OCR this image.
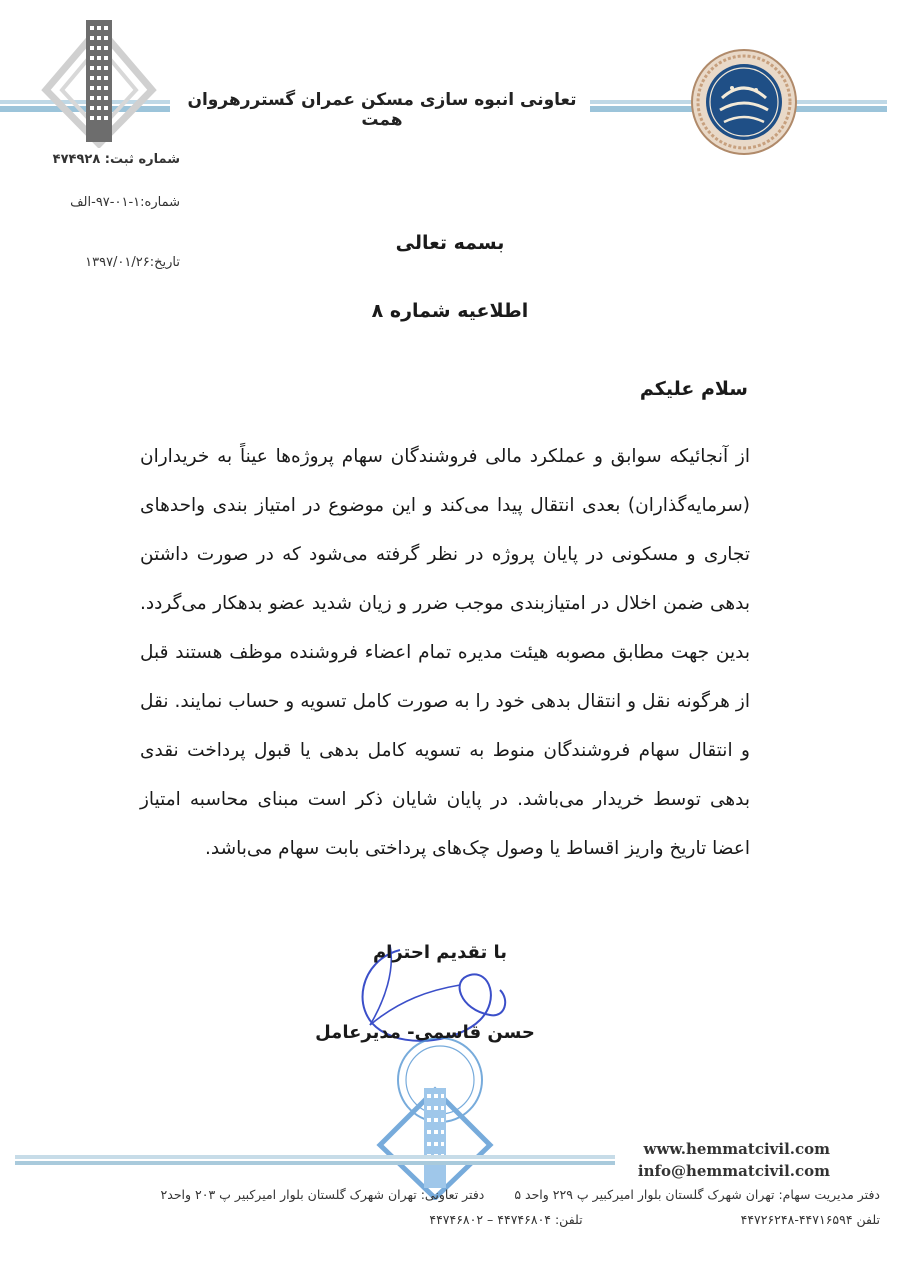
تعاونی انبوه سازی مسکن عمران گستررهروان همت
شماره ثبت: ۴۷۴۹۲۸
شماره:۱-۰۱-۹۷-الف
تاریخ:۱۳۹۷/۰۱/۲۶
بسمه تعالی
اطلاعیه شماره ۸
سلام علیکم
از آنجائیکه سوابق و عملکرد مالی فروشندگان سهام پروژه‌ها عیناً به خریداران (سرمایه‌گذاران) بعدی انتقال پیدا می‌کند و این موضوع در امتیاز بندی واحدهای تجاری و مسکونی در پایان پروژه در نظر گرفته می‌شود که در صورت داشتن بدهی ضمن اخلال در امتیازبندی موجب ضرر و زیان شدید عضو بدهکار می‌گردد. بدین جهت مطابق مصوبه هیئت مدیره تمام اعضاء فروشنده موظف هستند قبل از هرگونه نقل و انتقال بدهی خود را به صورت کامل تسویه و حساب نمایند. نقل و انتقال سهام فروشندگان منوط به تسویه کامل بدهی یا قبول پرداخت نقدی بدهی توسط خریدار می‌باشد. در پایان شایان ذکر است مبنای محاسبه امتیاز اعضا تاریخ واریز اقساط یا وصول چک‌های پرداختی بابت سهام می‌باشد.
با تقدیم احترام
حسن قاسمی- مدیرعامل
www.hemmatcivil.com
info@hemmatcivil.com
دفتر مدیریت سهام: تهران شهرک گلستان بلوار امیرکبیر پ ۲۲۹ واحد ۵  دفتر تعاونی: تهران شهرک گلستان بلوار امیرکبیر پ ۲۰۳ واحد۲
تلفن ۴۴۷۱۶۵۹۴-۴۴۷۲۶۲۴۸  تلفن: ۴۴۷۴۶۸۰۴ – ۴۴۷۴۶۸۰۲
